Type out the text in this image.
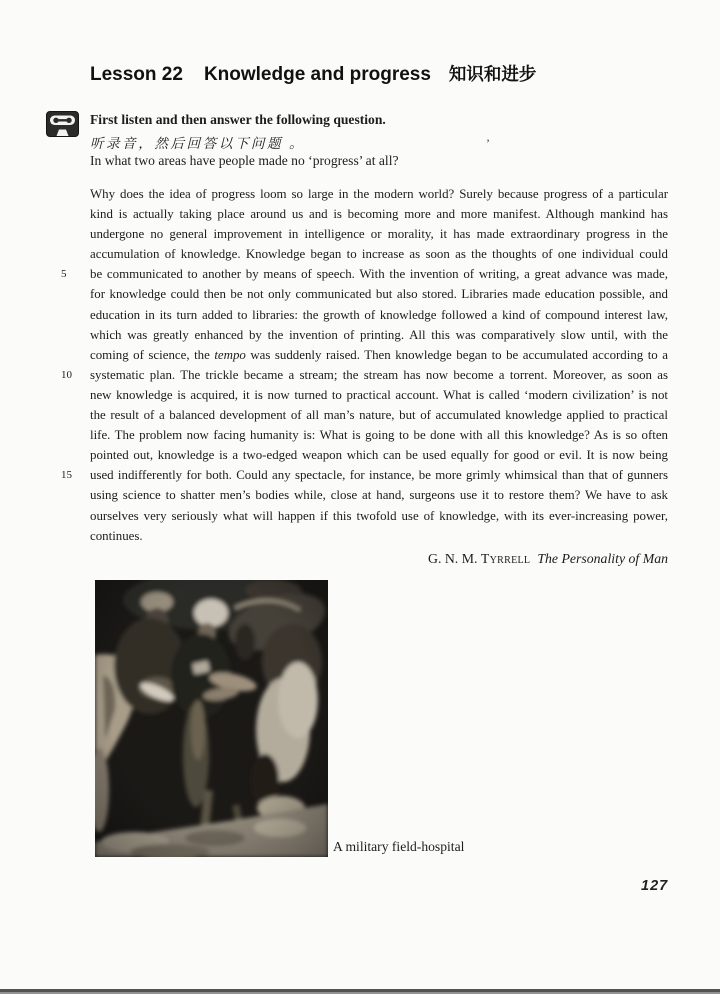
Lesson 22 Knowledge and progress 知识和进步
First listen and then answer the following question.
听录音，然后回答以下问题 。	’
In what two areas have people made no ‘progress’ at all?
Why does the idea of progress loom so large in the modern world? Surely because progress of a particular
kind is actually taking place around us and is becoming more and more manifest. Although mankind has
undergone no general improvement in intelligence or morality, it has made extraordinary progress in the
accumulation of knowledge. Knowledge began to increase as soon as the thoughts of one individual could
5	be communicated to another by means of speech. With the invention of writing, a great advance was made,
for knowledge could then be not only communicated but also stored. Libraries made education possible, and
education in its turn added to libraries: the growth of knowledge followed a kind of compound interest law,
which was greatly enhanced by the invention of printing. All this was comparatively slow until, with the
coming of science, the tempo was suddenly raised. Then knowledge began to be accumulated according to a
10 systematic plan. The trickle became a stream; the stream has now become a torrent. Moreover, as soon as
new knowledge is acquired, it is now turned to practical account. What is called ‘modern civilization’ is not
the result of a balanced development of all man’s nature, but of accumulated knowledge applied to practical
life. The problem now facing humanity is: What is going to be done with all this knowledge? As is so often
pointed out, knowledge is a two-edged weapon which can be used equally for good or evil. It is now being
15 used indifferently for both. Could any spectacle, for instance, be more grimly whimsical than that of gunners
using science to shatter men’s bodies while, close at hand, surgeons use it to restore them? We have to ask
ourselves very seriously what will happen if this twofold use of knowledge, with its ever-increasing power,
continues.
G. N. M. Tyrrell The Personality of Man
A military field-hospital
127
